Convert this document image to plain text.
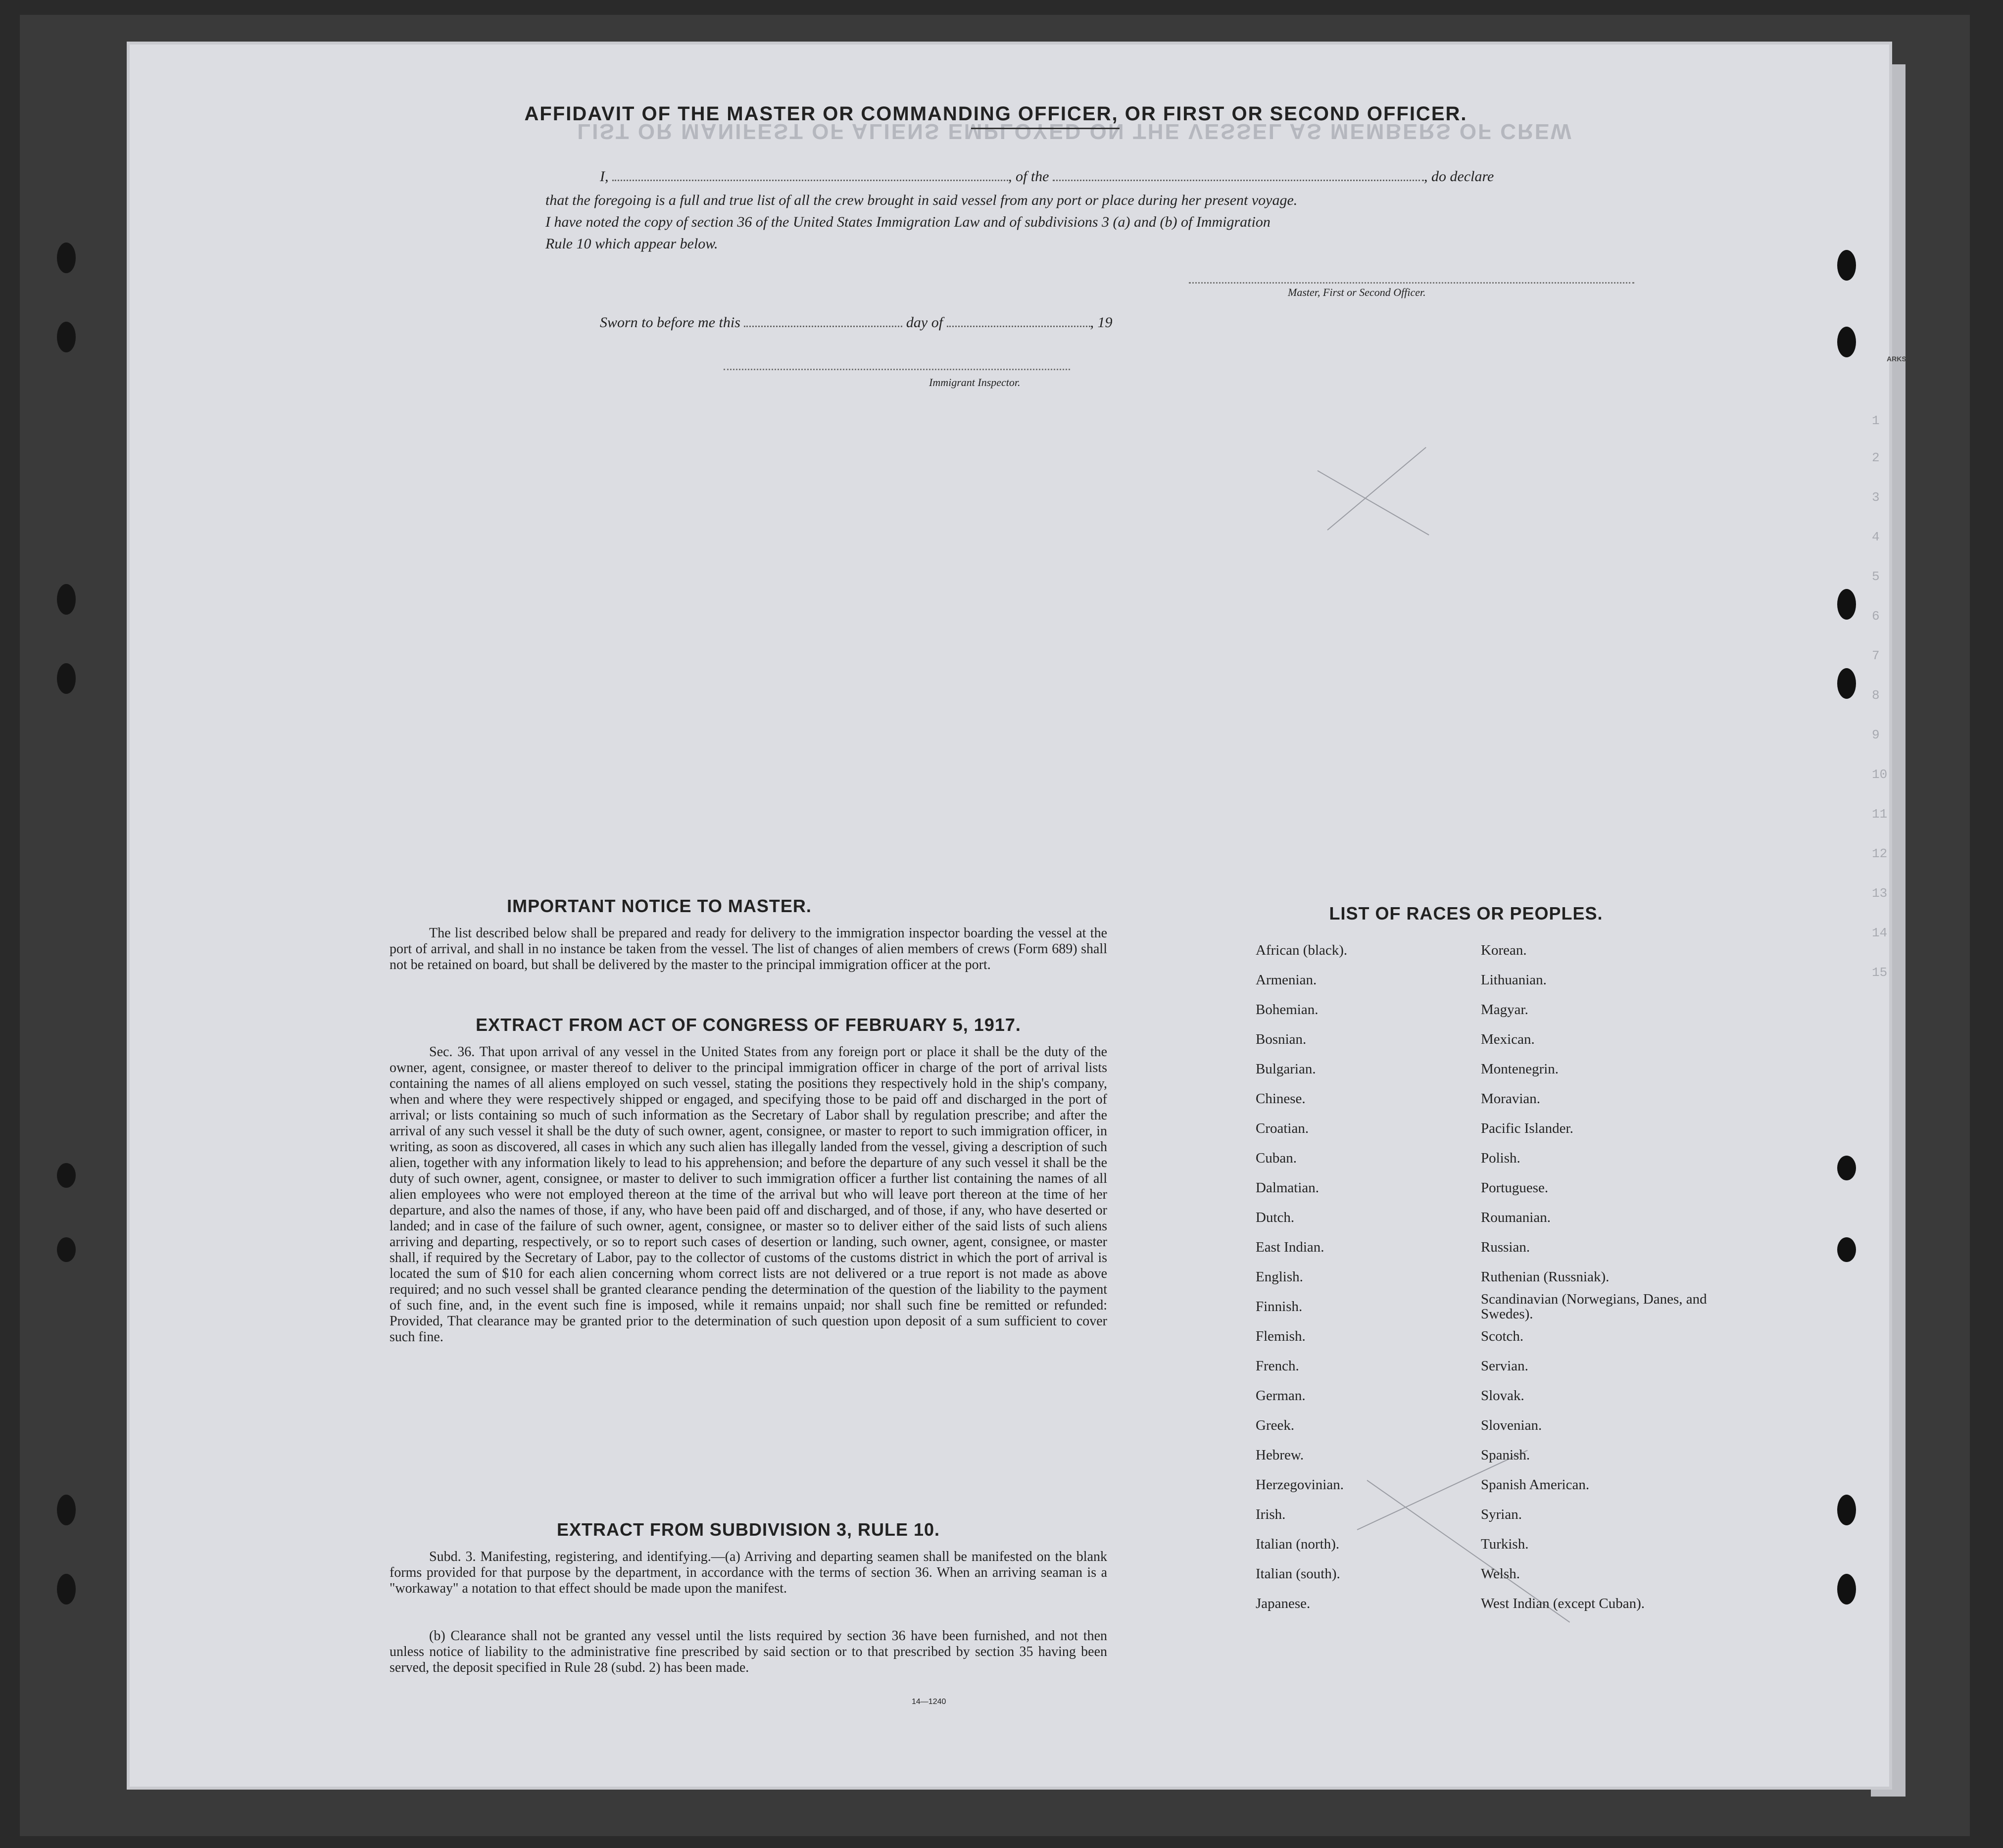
LIST OR MANIFEST OF ALIENS EMPLOYED ON THE VESSEL AS MEMBERS OF CREW
1
2
3
4
5
6
7
8
9
10
11
12
13
14
15
AFFIDAVIT OF THE MASTER OR COMMANDING OFFICER, OR FIRST OR SECOND OFFICER.
I,	, of the	, do declare
that the foregoing is a full and true list of all the crew brought in said vessel from any port or place during her present voyage.
I have noted the copy of section 36 of the United States Immigration Law and of subdivisions 3 (a) and (b) of Immigration
Rule 10 which appear below.
Master, First or Second Officer.
Sworn to before me this	day of	, 19
Immigrant Inspector.
IMPORTANT NOTICE TO MASTER.
The list described below shall be prepared and ready for delivery to the immigration inspector boarding the vessel at the port of arrival, and shall in no instance be taken from the vessel. The list of changes of alien members of crews (Form 689) shall not be retained on board, but shall be delivered by the master to the principal immigration officer at the port.
EXTRACT FROM ACT OF CONGRESS OF FEBRUARY 5, 1917.
Sec. 36. That upon arrival of any vessel in the United States from any foreign port or place it shall be the duty of the owner, agent, consignee, or master thereof to deliver to the principal immigration officer in charge of the port of arrival lists containing the names of all aliens employed on such vessel, stating the positions they respectively hold in the ship's company, when and where they were respectively shipped or engaged, and specifying those to be paid off and discharged in the port of arrival; or lists containing so much of such information as the Secretary of Labor shall by regulation prescribe; and after the arrival of any such vessel it shall be the duty of such owner, agent, consignee, or master to report to such immigration officer, in writing, as soon as discovered, all cases in which any such alien has illegally landed from the vessel, giving a description of such alien, together with any information likely to lead to his apprehension; and before the departure of any such vessel it shall be the duty of such owner, agent, consignee, or master to deliver to such immigration officer a further list containing the names of all alien employees who were not employed thereon at the time of the arrival but who will leave port thereon at the time of her departure, and also the names of those, if any, who have been paid off and discharged, and of those, if any, who have deserted or landed; and in case of the failure of such owner, agent, consignee, or master so to deliver either of the said lists of such aliens arriving and departing, respectively, or so to report such cases of desertion or landing, such owner, agent, consignee, or master shall, if required by the Secretary of Labor, pay to the collector of customs of the customs district in which the port of arrival is located the sum of $10 for each alien concerning whom correct lists are not delivered or a true report is not made as above required; and no such vessel shall be granted clearance pending the determination of the question of the liability to the payment of such fine, and, in the event such fine is imposed, while it remains unpaid; nor shall such fine be remitted or refunded: Provided, That clearance may be granted prior to the determination of such question upon deposit of a sum sufficient to cover such fine.
EXTRACT FROM SUBDIVISION 3, RULE 10.
Subd. 3. Manifesting, registering, and identifying.—(a) Arriving and departing seamen shall be manifested on the blank forms provided for that purpose by the department, in accordance with the terms of section 36. When an arriving seaman is a "workaway" a notation to that effect should be made upon the manifest.
(b) Clearance shall not be granted any vessel until the lists required by section 36 have been furnished, and not then unless notice of liability to the administrative fine prescribed by said section or to that prescribed by section 35 having been served, the deposit specified in Rule 28 (subd. 2) has been made.
14—1240
LIST OF RACES OR PEOPLES.
African (black).
Armenian.
Bohemian.
Bosnian.
Bulgarian.
Chinese.
Croatian.
Cuban.
Dalmatian.
Dutch.
East Indian.
English.
Finnish.
Flemish.
French.
German.
Greek.
Hebrew.
Herzegovinian.
Irish.
Italian (north).
Italian (south).
Japanese.
Korean.
Lithuanian.
Magyar.
Mexican.
Montenegrin.
Moravian.
Pacific Islander.
Polish.
Portuguese.
Roumanian.
Russian.
Ruthenian (Russniak).
Scandinavian (Norwegians, Danes, and Swedes).
Scotch.
Servian.
Slovak.
Slovenian.
Spanish.
Spanish American.
Syrian.
Turkish.
Welsh.
West Indian (except Cuban).
ARKS
